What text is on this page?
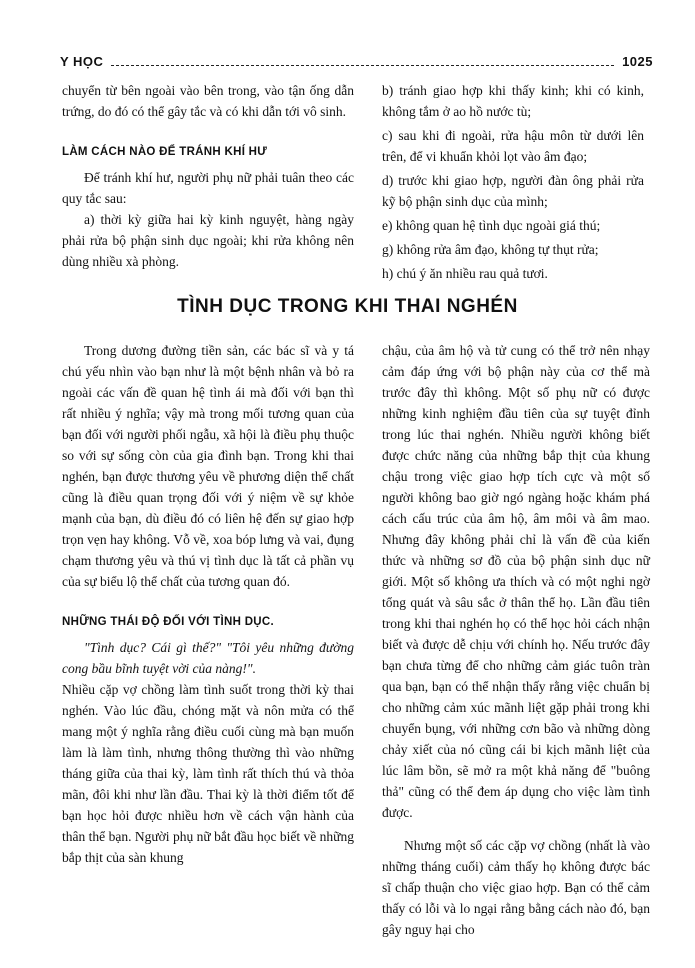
Y HỌC	1025

chuyển từ bên ngoài vào bên trong, vào tận ống dẫn trứng, do đó có thể gây tắc và có khi dẫn tới vô sinh.

LÀM CÁCH NÀO ĐỂ TRÁNH KHÍ HƯ

Để tránh khí hư, người phụ nữ phải tuân theo các quy tắc sau:

a) thời kỳ giữa hai kỳ kinh nguyệt, hàng ngày phải rửa bộ phận sinh dục ngoài; khi rửa không nên dùng nhiều xà phòng.

b) tránh giao hợp khi thấy kinh; khi có kinh, không tắm ở ao hồ nước tù;

c) sau khi đi ngoài, rửa hậu môn từ dưới lên trên, để vi khuẩn khỏi lọt vào âm đạo;

d) trước khi giao hợp, người đàn ông phải rửa kỹ bộ phận sinh dục của mình;

e) không quan hệ tình dục ngoài giá thú;

g) không rửa âm đạo, không tự thụt rửa;

h) chú ý ăn nhiều rau quả tươi.

TÌNH DỤC TRONG KHI THAI NGHÉN

Trong dương đường tiền sản, các bác sĩ và y tá chú yếu nhìn vào bạn như là một bệnh nhân và bỏ ra ngoài các vấn đề quan hệ tình ái mà đối với bạn thì rất nhiều ý nghĩa; vậy mà trong mối tương quan của bạn đối với người phối ngẫu, xã hội là điều phụ thuộc so với sự sống còn của gia đình bạn. Trong khi thai nghén, bạn được thương yêu về phương diện thể chất cũng là điều quan trọng đối với ý niệm về sự khỏe mạnh của bạn, dù điều đó có liên hệ đến sự giao hợp trọn vẹn hay không. Vỗ về, xoa bóp lưng và vai, đụng chạm thương yêu và thú vị tình dục là tất cả phần vụ của sự biểu lộ thể chất của tương quan đó.

NHỮNG THÁI ĐỘ ĐỐI VỚI TÌNH DỤC.

"Tình dục? Cái gì thế?" "Tôi yêu những đường cong bầu bĩnh tuyệt vời của nàng!".

Nhiều cặp vợ chồng làm tình suốt trong thời kỳ thai nghén. Vào lúc đầu, chóng mặt và nôn mửa có thể mang một ý nghĩa rằng điều cuối cùng mà bạn muốn làm là làm tình, nhưng thông thường thì vào những tháng giữa của thai kỳ, làm tình rất thích thú và thỏa mãn, đôi khi như lần đầu. Thai kỳ là thời điểm tốt để bạn học hỏi được nhiều hơn về cách vận hành của thân thể bạn. Người phụ nữ bắt đầu học biết về những bắp thịt của sàn khung

chậu, của âm hộ và tử cung có thể trở nên nhạy cảm đáp ứng với bộ phận này của cơ thể mà trước đây thì không. Một số phụ nữ có được những kinh nghiệm đầu tiên của sự tuyệt đỉnh trong lúc thai nghén. Nhiều người không biết được chức năng của những bắp thịt của khung chậu trong việc giao hợp tích cực và một số người không bao giờ ngó ngàng hoặc khám phá cách cấu trúc của âm hộ, âm môi và âm mao. Nhưng đây không phải chỉ là vấn đề của kiến thức và những sơ đồ của bộ phận sinh dục nữ giới. Một số không ưa thích và có một nghi ngờ tổng quát và sâu sắc ở thân thể họ. Lần đầu tiên trong khi thai nghén họ có thể học hỏi cách nhận biết và được dễ chịu với chính họ. Nếu trước đây bạn chưa từng để cho những cảm giác tuôn tràn qua bạn, bạn có thể nhận thấy rằng việc chuẩn bị cho những cảm xúc mãnh liệt gặp phải trong khi chuyển bụng, với những cơn bão và những dòng chảy xiết của nó cũng cái bi kịch mãnh liệt của lúc lâm bồn, sẽ mở ra một khả năng để "buông thả" cũng có thể đem áp dụng cho việc làm tình được.

Nhưng một số các cặp vợ chồng (nhất là vào những tháng cuối) cảm thấy họ không được bác sĩ chấp thuận cho việc giao hợp. Bạn có thể cảm thấy có lỗi và lo ngại rằng bằng cách nào đó, bạn gây nguy hại cho
